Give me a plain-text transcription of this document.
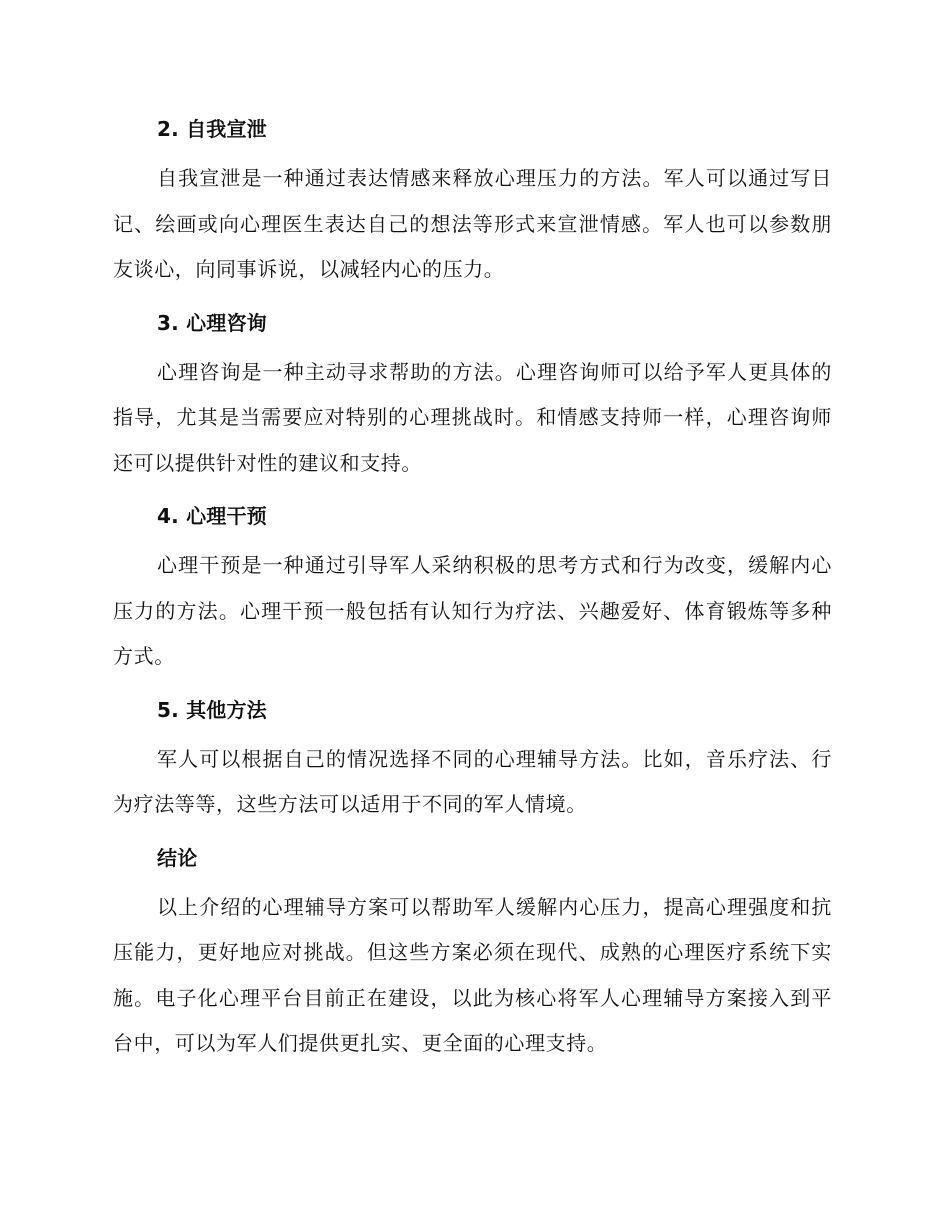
2. 自我宣泄

自我宣泄是一种通过表达情感来释放心理压力的方法。军人可以通过写日记、绘画或向心理医生表达自己的想法等形式来宣泄情感。军人也可以参数朋友谈心，向同事诉说，以减轻内心的压力。

3. 心理咨询

心理咨询是一种主动寻求帮助的方法。心理咨询师可以给予军人更具体的指导，尤其是当需要应对特别的心理挑战时。和情感支持师一样，心理咨询师还可以提供针对性的建议和支持。

4. 心理干预

心理干预是一种通过引导军人采纳积极的思考方式和行为改变，缓解内心压力的方法。心理干预一般包括有认知行为疗法、兴趣爱好、体育锻炼等多种方式。

5. 其他方法

军人可以根据自己的情况选择不同的心理辅导方法。比如，音乐疗法、行为疗法等等，这些方法可以适用于不同的军人情境。

结论

以上介绍的心理辅导方案可以帮助军人缓解内心压力，提高心理强度和抗压能力，更好地应对挑战。但这些方案必须在现代、成熟的心理医疗系统下实施。电子化心理平台目前正在建设，以此为核心将军人心理辅导方案接入到平台中，可以为军人们提供更扎实、更全面的心理支持。
